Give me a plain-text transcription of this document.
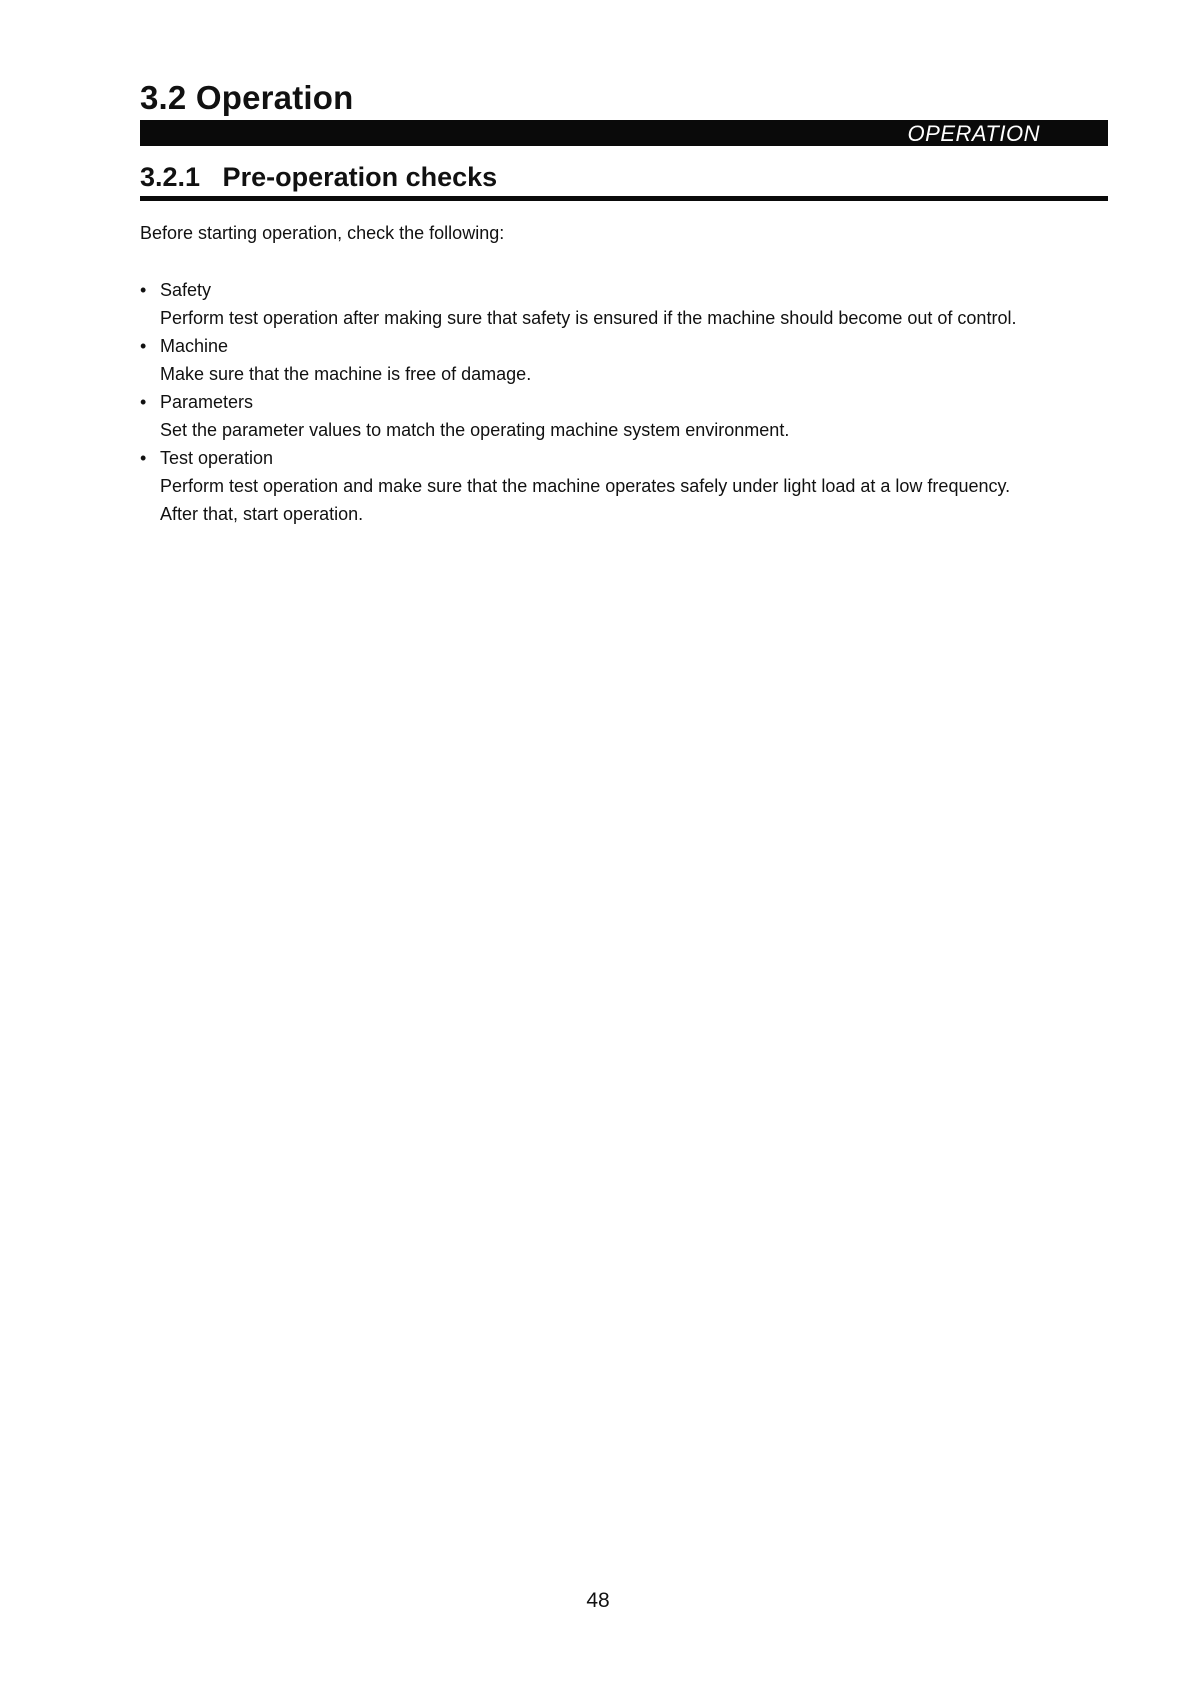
3.2 Operation
OPERATION
3.2.1   Pre-operation checks

Before starting operation, check the following:

• Safety
Perform test operation after making sure that safety is ensured if the machine should become out of control.
• Machine
Make sure that the machine is free of damage.
• Parameters
Set the parameter values to match the operating machine system environment.
• Test operation
Perform test operation and make sure that the machine operates safely under light load at a low frequency.
After that, start operation.
48
